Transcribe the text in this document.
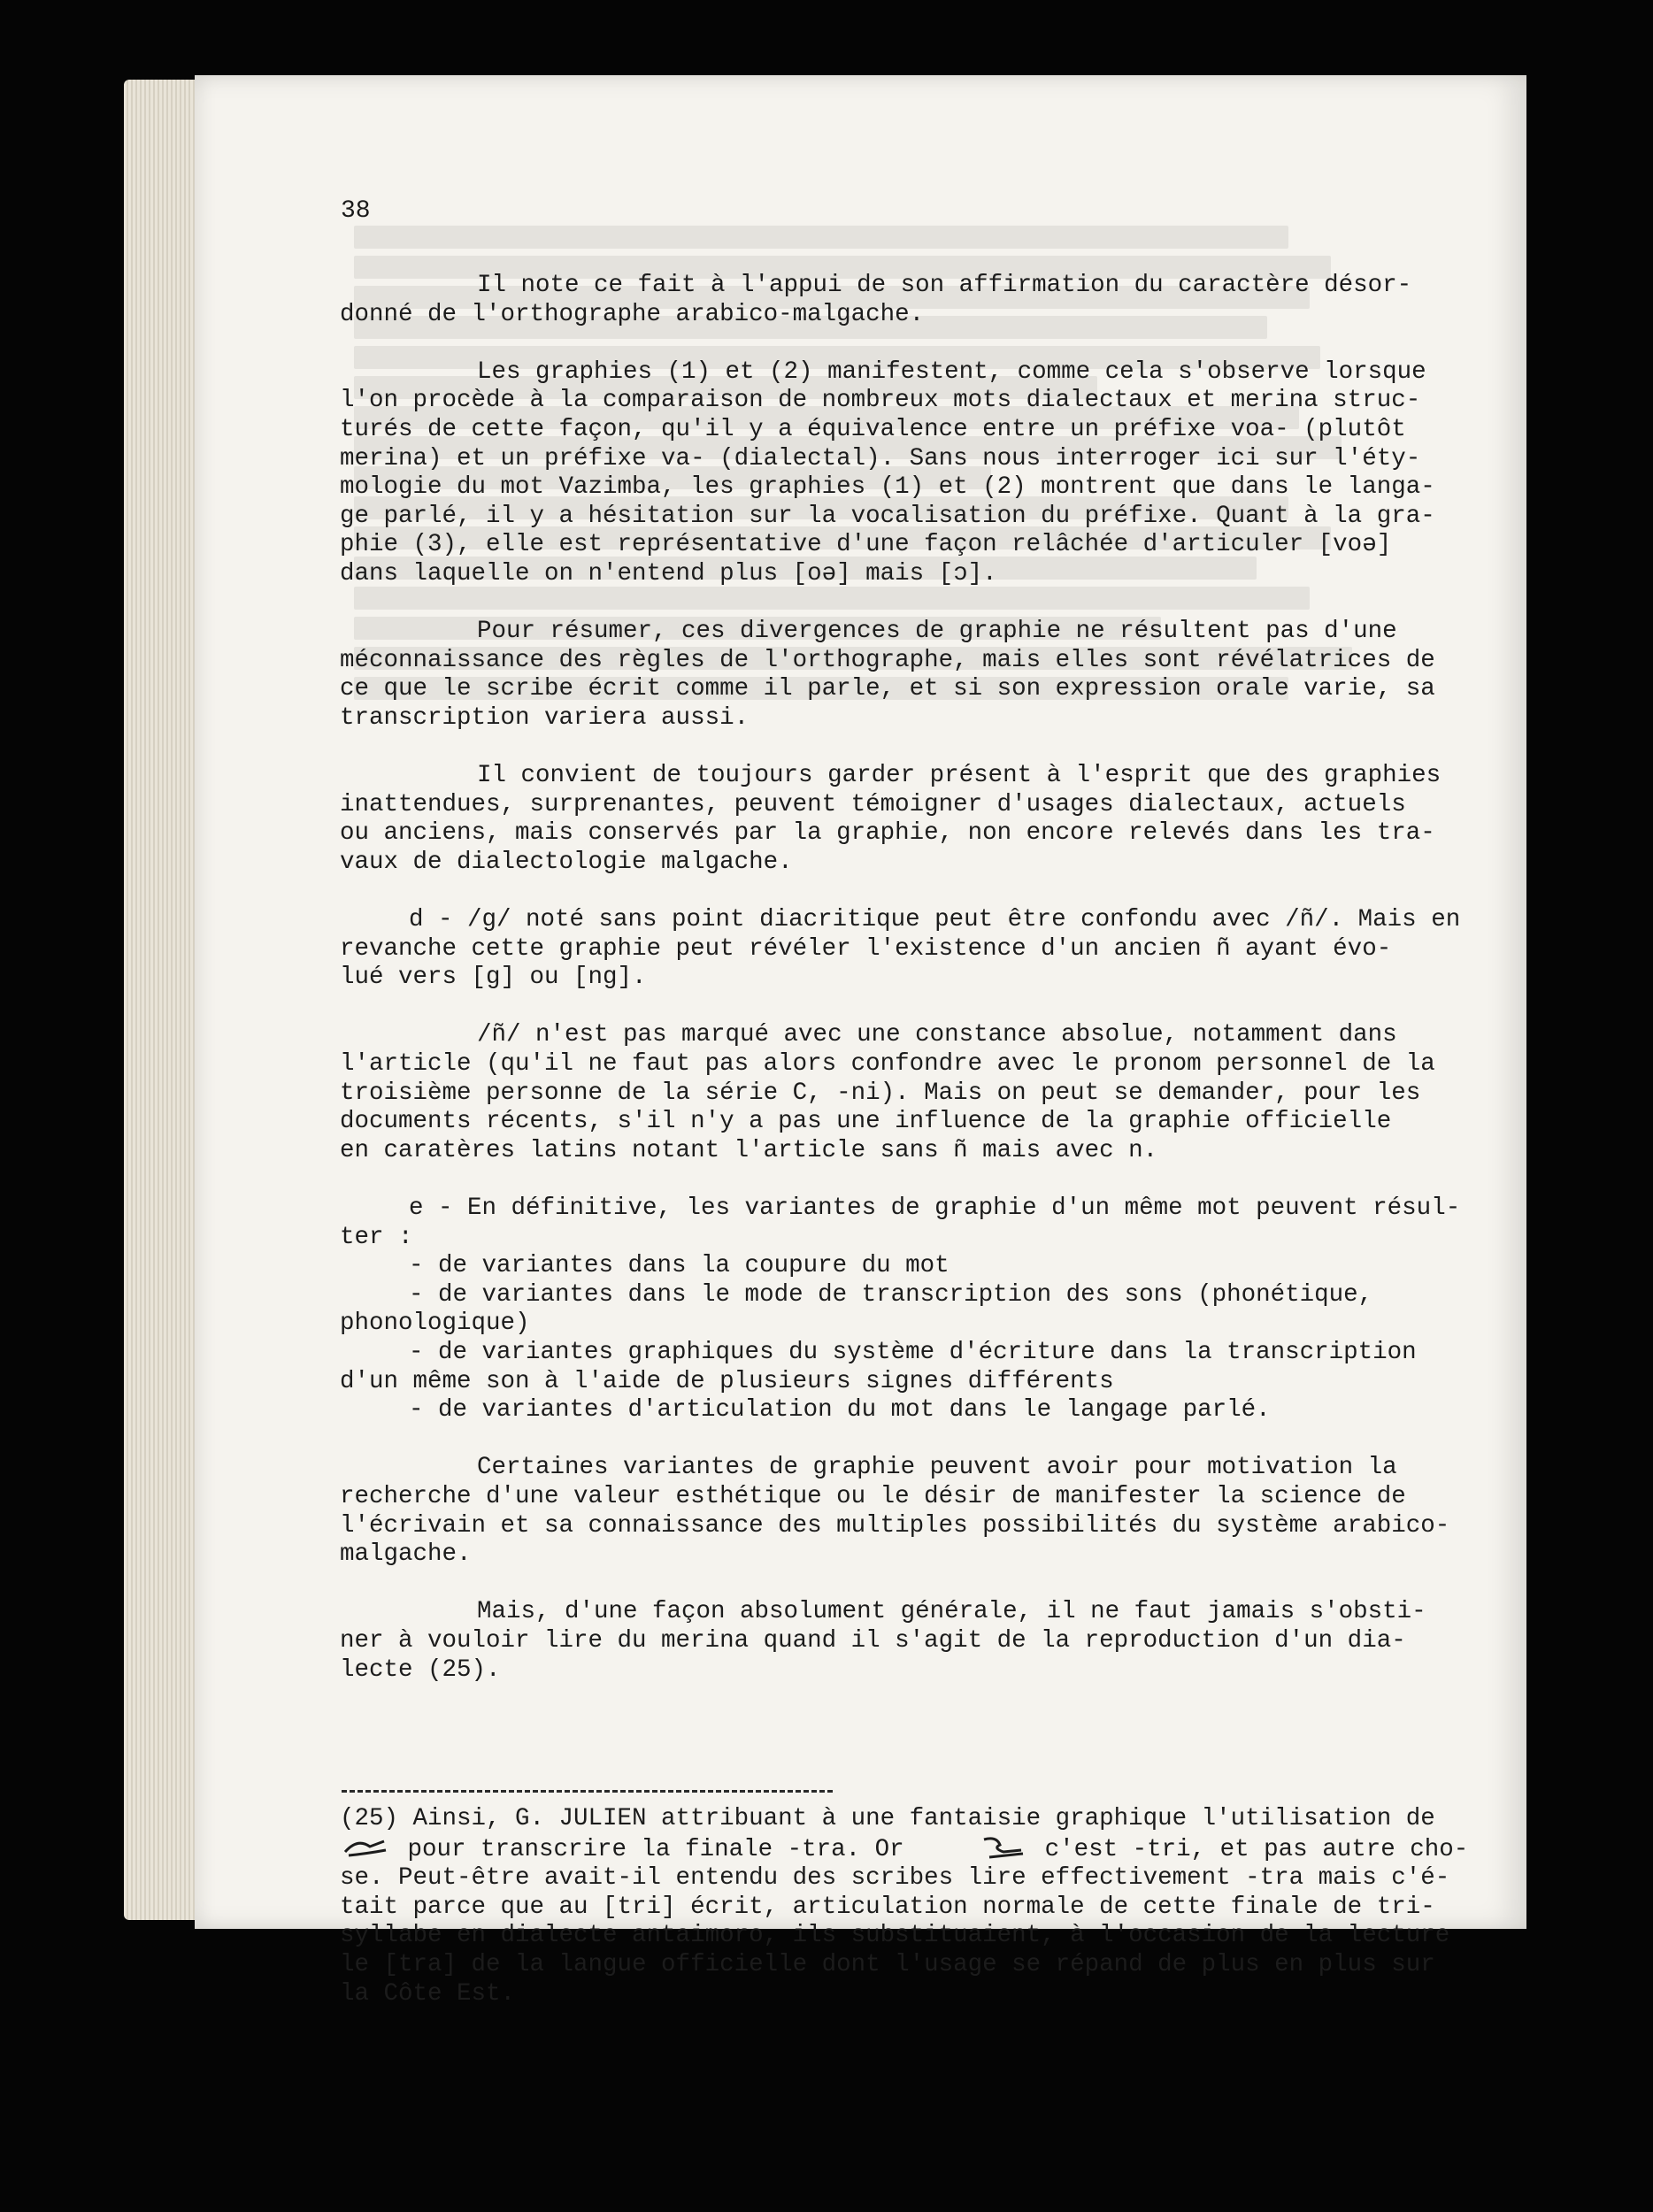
38
Il note ce fait à l'appui de son affirmation du caractère désor-
donné de l'orthographe arabico-malgache.
Les graphies (1) et (2) manifestent, comme cela s'observe lorsque
l'on procède à la comparaison de nombreux mots dialectaux et merina struc-
turés de cette façon, qu'il y a équivalence entre un préfixe voa- (plutôt
merina) et un préfixe va- (dialectal). Sans nous interroger ici sur l'éty-
mologie du mot Vazimba, les graphies (1) et (2) montrent que dans le langa-
ge parlé, il y a hésitation sur la vocalisation du préfixe. Quant à la gra-
phie (3), elle est représentative d'une façon relâchée d'articuler [voə]
dans laquelle on n'entend plus [oə] mais [ɔ].
Pour résumer, ces divergences de graphie ne résultent pas d'une
méconnaissance des règles de l'orthographe, mais elles sont révélatrices de
ce que le scribe écrit comme il parle, et si son expression orale varie, sa
transcription variera aussi.
Il convient de toujours garder présent à l'esprit que des graphies
inattendues, surprenantes, peuvent témoigner d'usages dialectaux, actuels
ou anciens, mais conservés par la graphie, non encore relevés dans les tra-
vaux de dialectologie malgache.
d - /g/ noté sans point diacritique peut être confondu avec /ñ/. Mais en
revanche cette graphie peut révéler l'existence d'un ancien ñ ayant évo-
lué vers [g] ou [ng].
/ñ/ n'est pas marqué avec une constance absolue, notamment dans
l'article (qu'il ne faut pas alors confondre avec le pronom personnel de la
troisième personne de la série C, -ni). Mais on peut se demander, pour les
documents récents, s'il n'y a pas une influence de la graphie officielle
en caratères latins notant l'article sans ñ mais avec n.
e - En définitive, les variantes de graphie d'un même mot peuvent résul-
ter :
- de variantes dans la coupure du mot
- de variantes dans le mode de transcription des sons (phonétique,
phonologique)
- de variantes graphiques du système d'écriture dans la transcription
d'un même son à l'aide de plusieurs signes différents
- de variantes d'articulation du mot dans le langage parlé.
Certaines variantes de graphie peuvent avoir pour motivation la
recherche d'une valeur esthétique ou le désir de manifester la science de
l'écrivain et sa connaissance des multiples possibilités du système arabico-
malgache.
Mais, d'une façon absolument générale, il ne faut jamais s'obsti-
ner à vouloir lire du merina quand il s'agit de la reproduction d'un dia-
lecte (25).
(25) Ainsi, G. JULIEN attribuant à une fantaisie graphique l'utilisation de
pour transcrire la finale -tra. Or	c'est -tri, et pas autre cho-
se. Peut-être avait-il entendu des scribes lire effectivement -tra mais c'é-
tait parce que au [tri] écrit, articulation normale de cette finale de tri-
syllabe en dialecte antaimoro, ils substituaient, à l'occasion de la lecture
le [tra] de la langue officielle dont l'usage se répand de plus en plus sur
la Côte Est.
